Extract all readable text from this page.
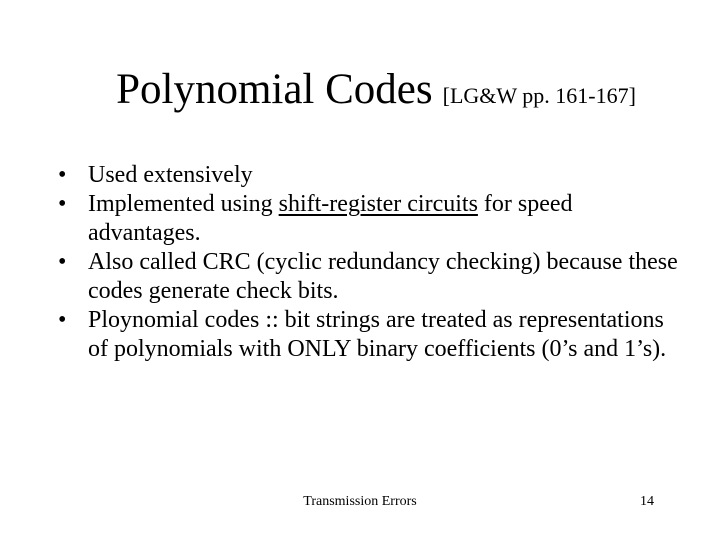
Polynomial Codes [LG&W pp. 161-167]
• Used extensively
• Implemented using shift-register circuits for speed advantages.
• Also called CRC (cyclic redundancy checking) because these codes generate check bits.
• Ploynomial codes :: bit strings are treated as representations of polynomials with ONLY binary coefficients (0’s and 1’s).
Transmission Errors	14
